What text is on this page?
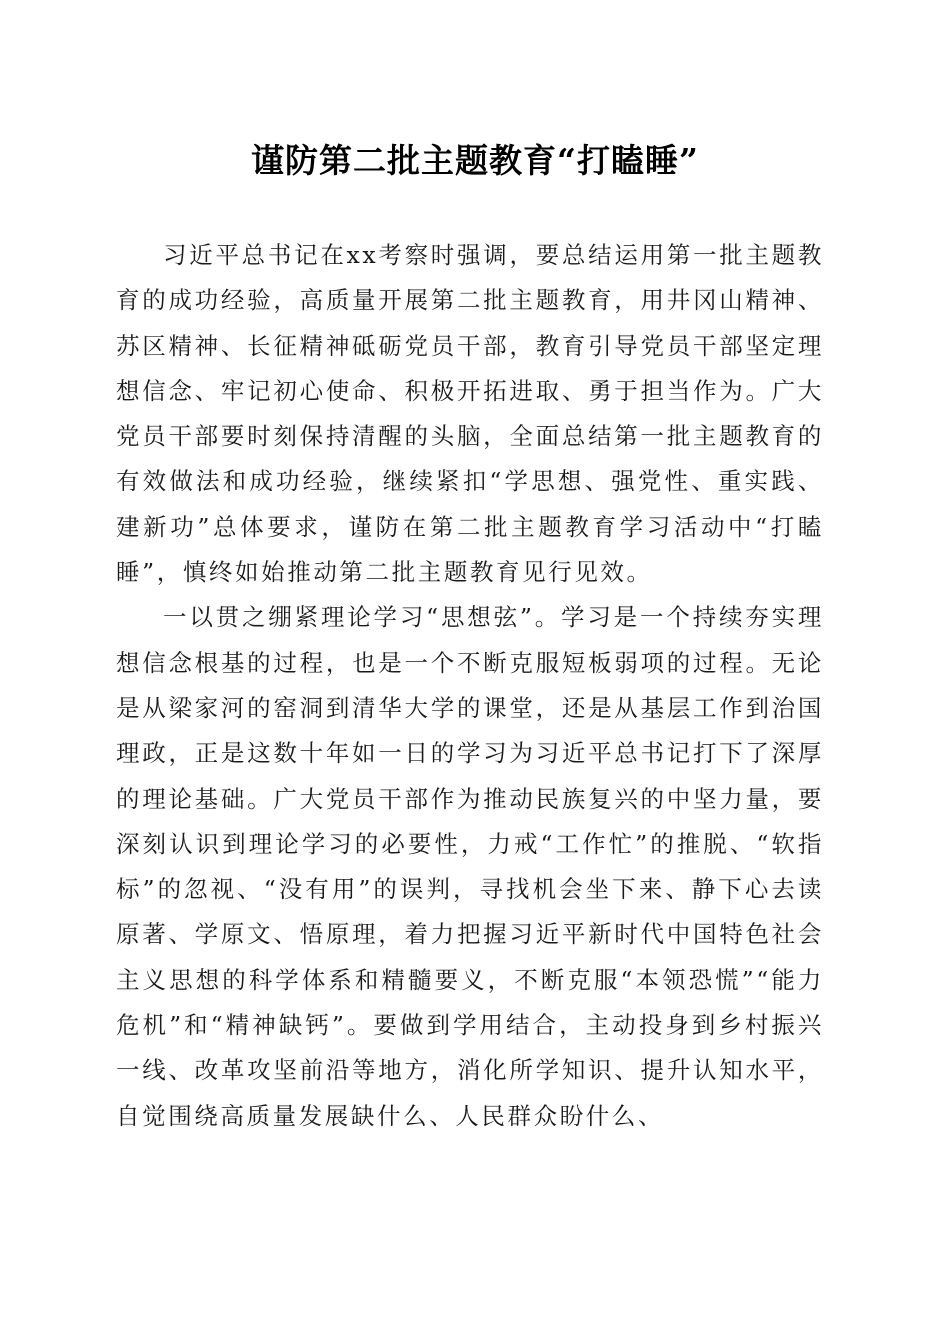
谨防第二批主题教育“打瞌睡”

习近平总书记在xx考察时强调，要总结运用第一批主题教育的成功经验，高质量开展第二批主题教育，用井冈山精神、苏区精神、长征精神砥砺党员干部，教育引导党员干部坚定理想信念、牢记初心使命、积极开拓进取、勇于担当作为。广大党员干部要时刻保持清醒的头脑，全面总结第一批主题教育的有效做法和成功经验，继续紧扣“学思想、强党性、重实践、建新功”总体要求，谨防在第二批主题教育学习活动中“打瞌睡”，慎终如始推动第二批主题教育见行见效。

一以贯之绷紧理论学习“思想弦”。学习是一个持续夯实理想信念根基的过程，也是一个不断克服短板弱项的过程。无论是从梁家河的窑洞到清华大学的课堂，还是从基层工作到治国理政，正是这数十年如一日的学习为习近平总书记打下了深厚的理论基础。广大党员干部作为推动民族复兴的中坚力量，要深刻认识到理论学习的必要性，力戒“工作忙”的推脱、“软指标”的忽视、“没有用”的误判，寻找机会坐下来、静下心去读原著、学原文、悟原理，着力把握习近平新时代中国特色社会主义思想的科学体系和精髓要义，不断克服“本领恐慌”“能力危机”和“精神缺钙”。要做到学用结合，主动投身到乡村振兴一线、改革攻坚前沿等地方，消化所学知识、提升认知水平，自觉围绕高质量发展缺什么、人民群众盼什么、
